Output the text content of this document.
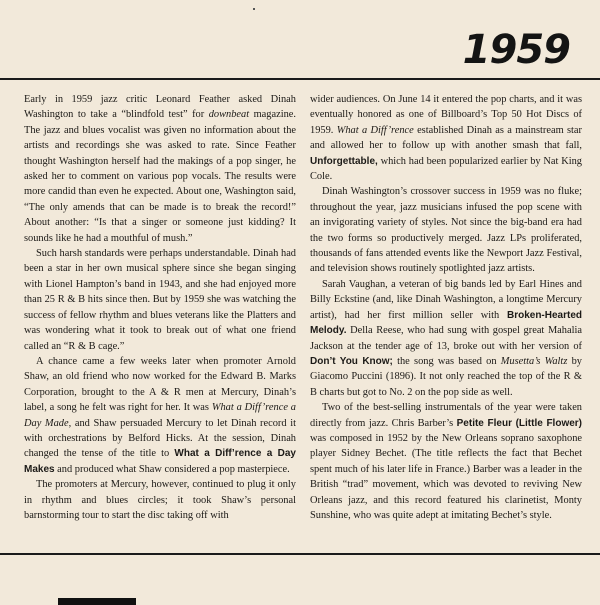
1959

Early in 1959 jazz critic Leonard Feather asked Dinah Washington to take a “blindfold test” for downbeat magazine. The jazz and blues vocalist was given no information about the artists and recordings she was asked to rate. Since Feather thought Washington herself had the makings of a pop singer, he asked her to comment on various pop vocals. The results were more candid than even he expected. About one, Washington said, “The only amends that can be made is to break the record!” About another: “Is that a singer or someone just kidding? It sounds like he had a mouthful of mush.”

Such harsh standards were perhaps understandable. Dinah had been a star in her own musical sphere since she began singing with Lionel Hampton’s band in 1943, and she had enjoyed more than 25 R & B hits since then. But by 1959 she was watching the success of fellow rhythm and blues veterans like the Platters and was wondering what it took to break out of what one friend called an “R & B cage.”

A chance came a few weeks later when promoter Arnold Shaw, an old friend who now worked for the Edward B. Marks Corporation, brought to the A & R men at Mercury, Dinah’s label, a song he felt was right for her. It was What a Diff’rence a Day Made, and Shaw persuaded Mercury to let Dinah record it with orchestrations by Belford Hicks. At the session, Dinah changed the tense of the title to What a Diff’rence a Day Makes and produced what Shaw considered a pop masterpiece.

The promoters at Mercury, however, continued to plug it only in rhythm and blues circles; it took Shaw’s personal barnstorming tour to start the disc taking off with

wider audiences. On June 14 it entered the pop charts, and it was eventually honored as one of Billboard’s Top 50 Hot Discs of 1959. What a Diff’rence established Dinah as a mainstream star and allowed her to follow up with another smash that fall, Unforgettable, which had been popularized earlier by Nat King Cole.

Dinah Washington’s crossover success in 1959 was no fluke; throughout the year, jazz musicians infused the pop scene with an invigorating variety of styles. Not since the big-band era had the two forms so productively merged. Jazz LPs proliferated, thousands of fans attended events like the Newport Jazz Festival, and television shows routinely spotlighted jazz artists.

Sarah Vaughan, a veteran of big bands led by Earl Hines and Billy Eckstine (and, like Dinah Washington, a longtime Mercury artist), had her first million seller with Broken-Hearted Melody. Della Reese, who had sung with gospel great Mahalia Jackson at the tender age of 13, broke out with her version of Don’t You Know; the song was based on Musetta’s Waltz by Giacomo Puccini (1896). It not only reached the top of the R & B charts but got to No. 2 on the pop side as well.

Two of the best-selling instrumentals of the year were taken directly from jazz. Chris Barber’s Petite Fleur (Little Flower) was composed in 1952 by the New Orleans soprano saxophone player Sidney Bechet. (The title reflects the fact that Bechet spent much of his later life in France.) Barber was a leader in the British “trad” movement, which was devoted to reviving New Orleans jazz, and this record featured his clarinetist, Monty Sunshine, who was quite adept at imitating Bechet’s style.
